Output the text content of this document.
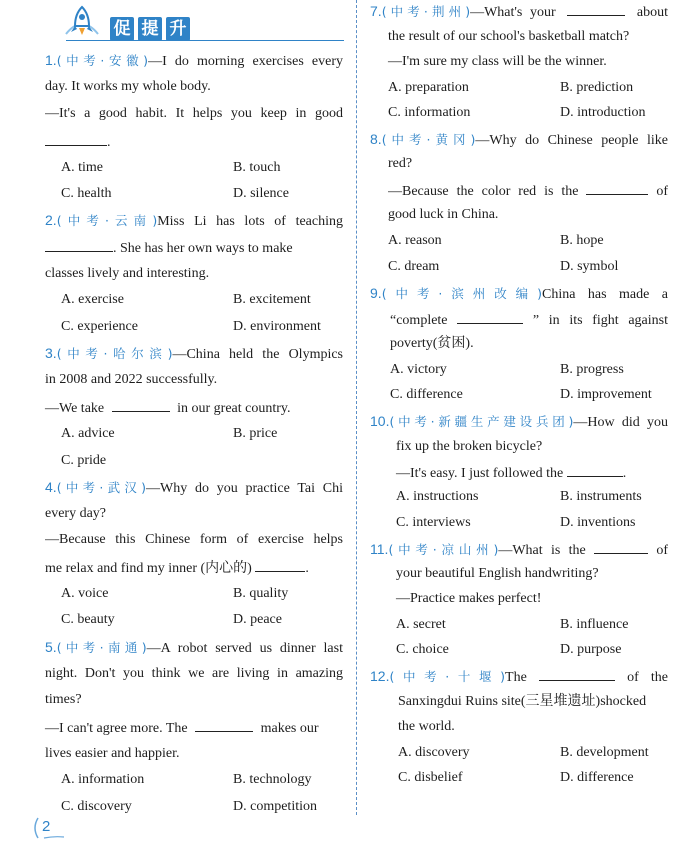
促 提 升
1.(中考·安徽)—I do morning exercises every
day. It works my whole body.
—It's a good habit. It helps you keep in good
.
A. time	B. touch
C. health	D. silence
2.(中考·云南)Miss Li has lots of teaching
. She has her own ways to make
classes lively and interesting.
A. exercise	B. excitement
C. experience	D. environment
3.(中考·哈尔滨)—China held the Olympics
in 2008 and 2022 successfully.
—We take	in our great country.
A. advice	B. price
C. pride
4.(中考·武汉)—Why do you practice Tai Chi
every day?
—Because this Chinese form of exercise helps
me relax and find my inner (内心的)	.
A. voice	B. quality
C. beauty	D. peace
5.(中考·南通)—A robot served us dinner last
night. Don't you think we are living in amazing
times?
—I can't agree more. The	makes our
lives easier and happier.
A. information	B. technology
C. discovery	D. competition
7.(中考·荆州)—What's your	about
the result of our school's basketball match?
—I'm sure my class will be the winner.
A. preparation	B. prediction
C. information	D. introduction
8.(中考·黄冈)—Why do Chinese people like
red?
—Because the color red is the	of
good luck in China.
A. reason	B. hope
C. dream	D. symbol
9.(中考·滨州改编)China has made a
“complete	” in its fight against
poverty(贫困).
A. victory	B. progress
C. difference	D. improvement
10.(中考·新疆生产建设兵团)—How did you
fix up the broken bicycle?
—It's easy. I just followed the	.
A. instructions	B. instruments
C. interviews	D. inventions
11.(中考·凉山州)—What is the	of
your beautiful English handwriting?
—Practice makes perfect!
A. secret	B. influence
C. choice	D. purpose
12.(中考·十堰)The	of the
Sanxingdui Ruins site(三星堆遗址)shocked
the world.
A. discovery	B. development
C. disbelief	D. difference
2
